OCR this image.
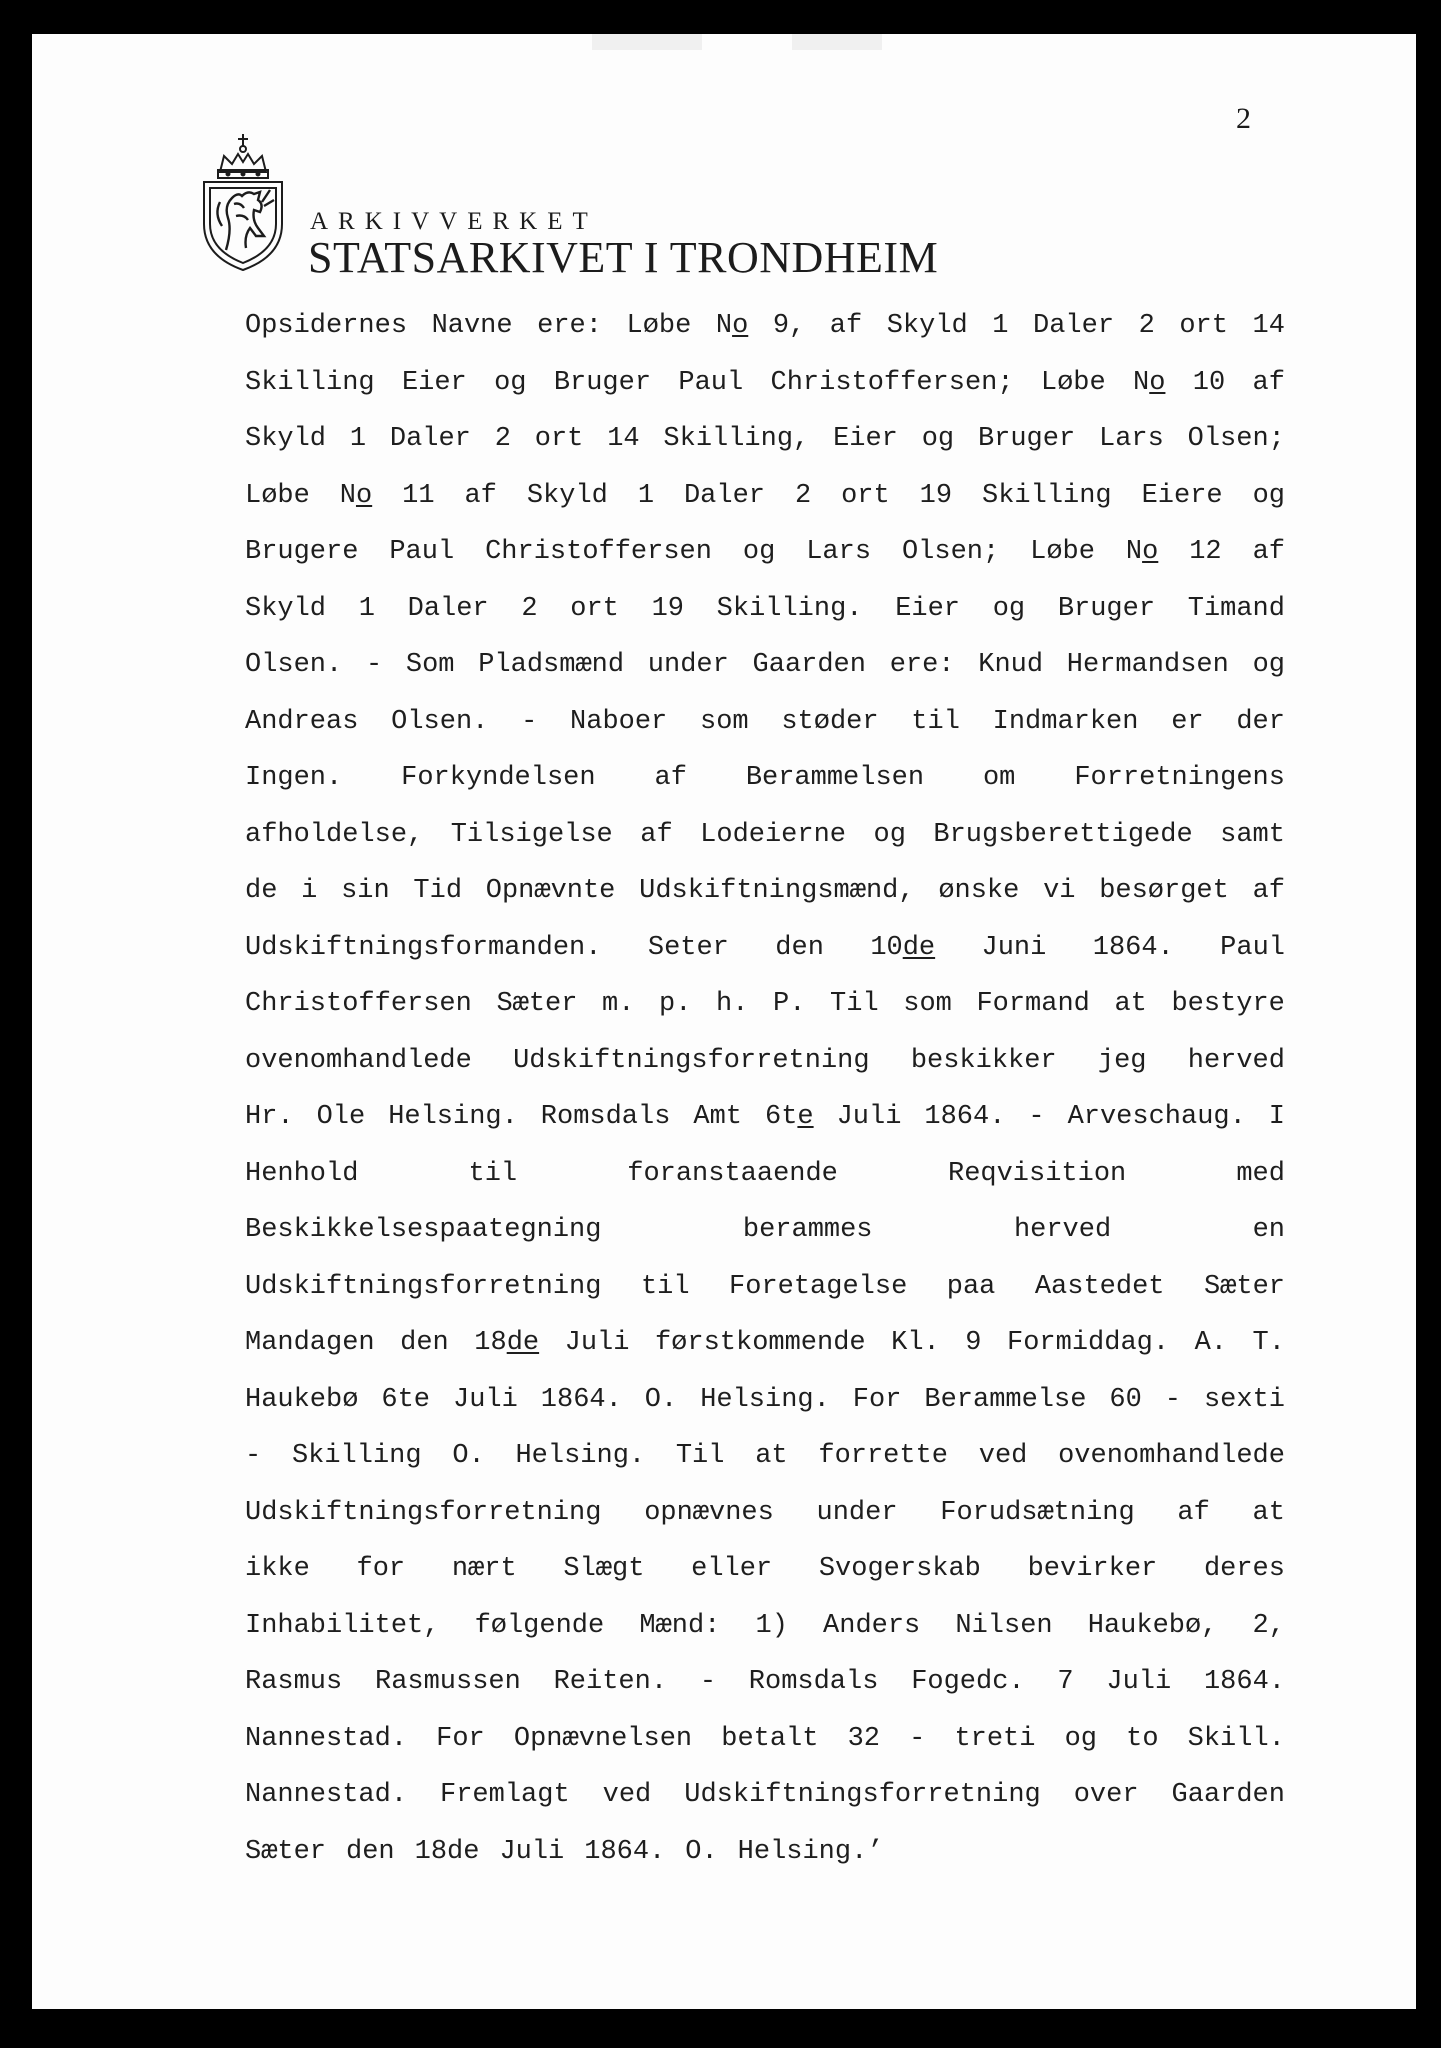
2
ARKIVVERKET
STATSARKIVET I TRONDHEIM
Opsidernes Navne ere: Løbe No 9, af Skyld 1 Daler 2 ort 14
Skilling Eier og Bruger Paul Christoffersen; Løbe No 10 af
Skyld 1 Daler 2 ort 14 Skilling, Eier og Bruger Lars Olsen;
Løbe No 11 af Skyld 1 Daler 2 ort 19 Skilling Eiere og
Brugere Paul Christoffersen og Lars Olsen; Løbe No 12 af
Skyld 1 Daler 2 ort 19 Skilling. Eier og Bruger Timand
Olsen. - Som Pladsmænd under Gaarden ere: Knud Hermandsen og
Andreas Olsen. - Naboer som støder til Indmarken er der
Ingen. Forkyndelsen af Berammelsen om Forretningens
afholdelse, Tilsigelse af Lodeierne og Brugsberettigede samt
de i sin Tid Opnævnte Udskiftningsmænd, ønske vi besørget af
Udskiftningsformanden. Seter den 10de Juni 1864. Paul
Christoffersen Sæter m. p. h. P. Til som Formand at bestyre
ovenomhandlede Udskiftningsforretning beskikker jeg herved
Hr. Ole Helsing. Romsdals Amt 6te Juli 1864. - Arveschaug. I
Henhold	til	foranstaaende	Reqvisition	med
Beskikkelsespaategning	berammes	herved	en
Udskiftningsforretning til Foretagelse paa Aastedet Sæter
Mandagen den 18de Juli førstkommende Kl. 9 Formiddag. A. T.
Haukebø 6te Juli 1864. O. Helsing. For Berammelse 60 - sexti
- Skilling O. Helsing. Til at forrette ved ovenomhandlede
Udskiftningsforretning opnævnes under Forudsætning af at
ikke for nært Slægt eller Svogerskab bevirker deres
Inhabilitet, følgende Mænd: 1) Anders Nilsen Haukebø, 2,
Rasmus Rasmussen Reiten. - Romsdals Fogedc. 7 Juli 1864.
Nannestad. For Opnævnelsen betalt 32 - treti og to Skill.
Nannestad. Fremlagt ved Udskiftningsforretning over Gaarden
Sæter den 18de Juli 1864. O. Helsing.’
